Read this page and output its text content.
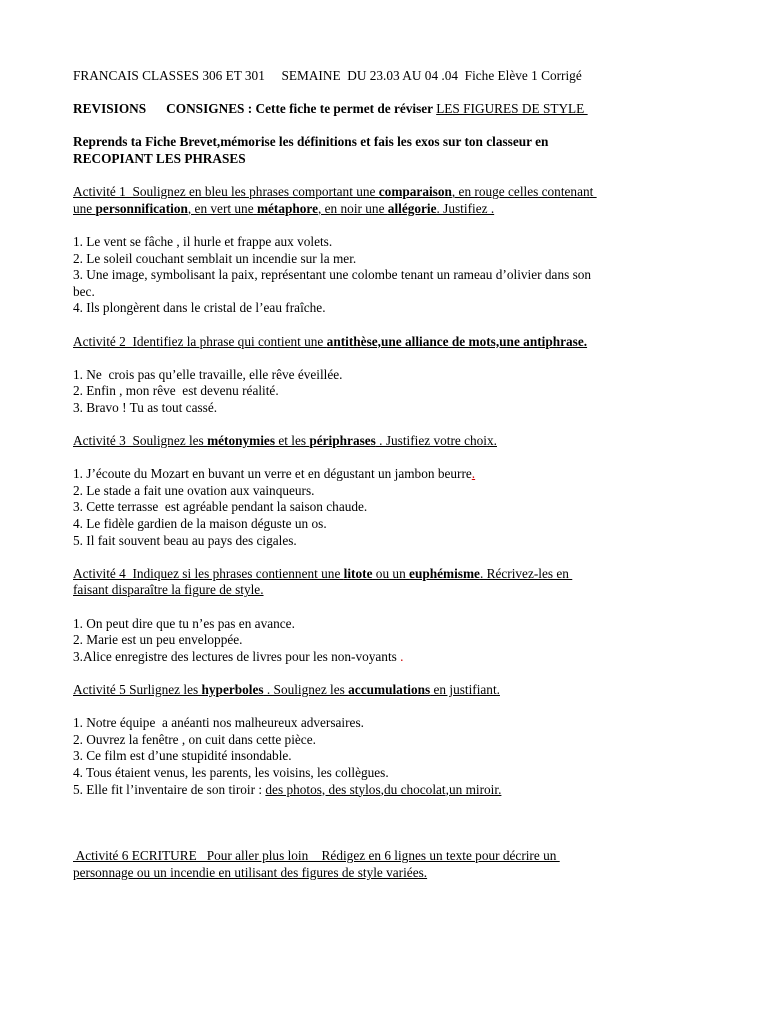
FRANCAIS CLASSES 306 ET 301     SEMAINE  DU 23.03 AU 04 .04  Fiche Elève 1 Corrigé

REVISIONS CONSIGNES : Cette fiche te permet de réviser LES FIGURES DE STYLE

Reprends ta Fiche Brevet,mémorise les définitions et fais les exos sur ton classeur en

RECOPIANT LES PHRASES

Activité 1  Soulignez en bleu les phrases comportant une comparaison, en rouge celles contenant

une personnification, en vert une métaphore, en noir une allégorie. Justifiez .

1. Le vent se fâche , il hurle et frappe aux volets.

2. Le soleil couchant semblait un incendie sur la mer.

3. Une image, symbolisant la paix, représentant une colombe tenant un rameau d’olivier dans son

bec.

4. Ils plongèrent dans le cristal de l’eau fraîche.

Activité 2  Identifiez la phrase qui contient une antithèse,une alliance de mots,une antiphrase.

1. Ne  crois pas qu’elle travaille, elle rêve éveillée.

2. Enfin , mon rêve  est devenu réalité.

3. Bravo ! Tu as tout cassé.

Activité 3  Soulignez les métonymies et les périphrases . Justifiez votre choix.

1. J’écoute du Mozart en buvant un verre et en dégustant un jambon beurre.

2. Le stade a fait une ovation aux vainqueurs.

3. Cette terrasse  est agréable pendant la saison chaude.

4. Le fidèle gardien de la maison déguste un os.

5. Il fait souvent beau au pays des cigales.

Activité 4  Indiquez si les phrases contiennent une litote ou un euphémisme. Récrivez-les en

faisant disparaître la figure de style.

1. On peut dire que tu n’es pas en avance.

2. Marie est un peu enveloppée.

3.Alice enregistre des lectures de livres pour les non-voyants .

Activité 5 Surlignez les hyperboles . Soulignez les accumulations en justifiant.

1. Notre équipe  a anéanti nos malheureux adversaires.

2. Ouvrez la fenêtre , on cuit dans cette pièce.

3. Ce film est d’une stupidité insondable.

4. Tous étaient venus, les parents, les voisins, les collègues.

5. Elle fit l’inventaire de son tiroir : des photos, des stylos,du chocolat,un miroir.

Activité 6 ECRITURE   Pour aller plus loin    Rédigez en 6 lignes un texte pour décrire un

personnage ou un incendie en utilisant des figures de style variées.
